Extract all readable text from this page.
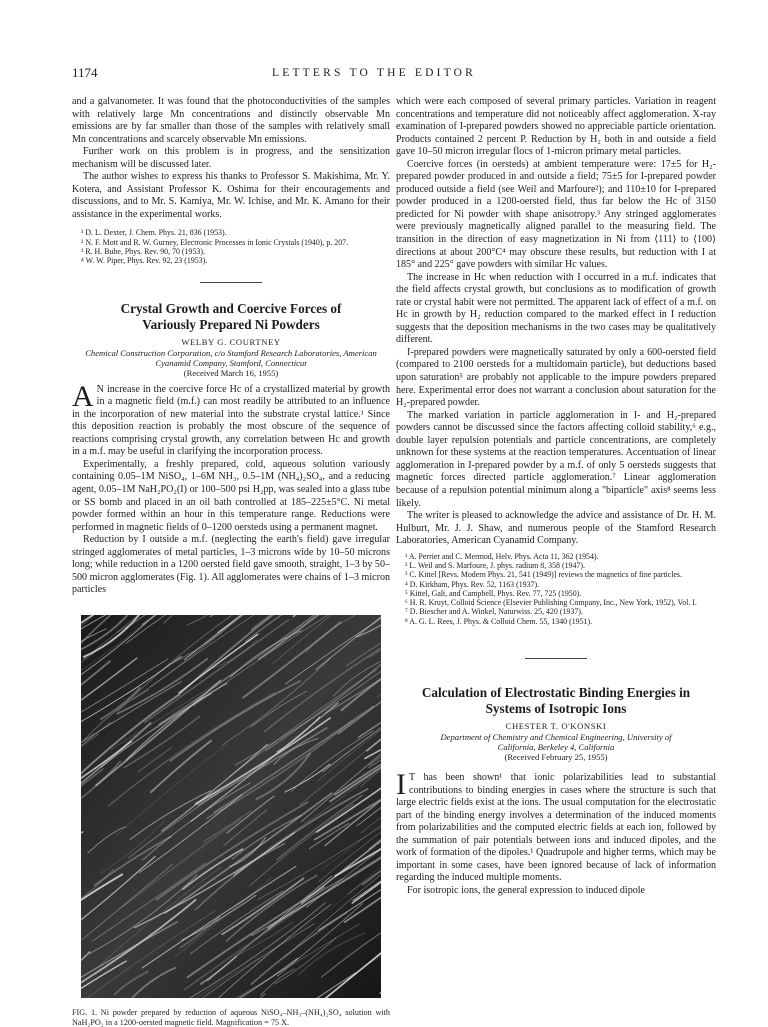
1174	LETTERS TO THE EDITOR

and a galvanometer. It was found that the photoconductivities of the samples with relatively large Mn concentrations and distinctly observable Mn emissions are by far smaller than those of the samples with relatively small Mn concentrations and scarcely observable Mn emissions.

Further work on this problem is in progress, and the sensitization mechanism will be discussed later.

The author wishes to express his thanks to Professor S. Makishima, Mr. Y. Kotera, and Assistant Professor K. Oshima for their encouragements and discussions, and to Mr. S. Kamiya, Mr. W. Ichise, and Mr. K. Amano for their assistance in the experimental works.

¹ D. L. Dexter, J. Chem. Phys. 21, 836 (1953).

² N. F. Mott and R. W. Gurney, Electronic Processes in Ionic Crystals (1940), p. 207.

³ R. H. Bube, Phys. Rev. 90, 70 (1953).

⁴ W. W. Piper, Phys. Rev. 92, 23 (1953).

Crystal Growth and Coercive Forces of Variously Prepared Ni Powders
WELBY G. COURTNEY
Chemical Construction Corporation, c/o Stamford Research Laboratories, American Cyanamid Company, Stamford, Connecticut
(Received March 16, 1955)

A N increase in the coercive force Hc of a crystallized material by growth in a magnetic field (m.f.) can most readily be attributed to an influence in the incorporation of new material into the substrate crystal lattice.¹ Since this deposition reaction is probably the most obscure of the sequence of reactions comprising crystal growth, any correlation between Hc and growth in a m.f. may be useful in clarifying the incorporation process.

Experimentally, a freshly prepared, cold, aqueous solution variously containing 0.05–1M NiSO₄, 1–6M NH₃, 0.5–1M (NH₄)₂SO₄, and a reducing agent, 0.05–1M NaH₂PO₂(I) or 100–500 psi H₂pp, was sealed into a glass tube or SS bomb and placed in an oil bath controlled at 185–225±5°C. Ni metal powder formed within an hour in this temperature range. Reductions were performed in magnetic fields of 0–1200 oersteds using a permanent magnet.

Reduction by I outside a m.f. (neglecting the earth's field) gave irregular stringed agglomerates of metal particles, 1–3 microns wide by 10–50 microns long; while reduction in a 1200 oersted field gave smooth, straight, 1–3 by 50–500 micron agglomerates (Fig. 1). All agglomerates were chains of 1–3 micron particles

FIG. 1. Ni powder prepared by reduction of aqueous NiSO₄–NH₃–(NH₄)₂SO₄ solution with NaH₂PO₂ in a 1200-oersted magnetic field. Magnification = 75 X.

which were each composed of several primary particles. Variation in reagent concentrations and temperature did not noticeably affect agglomeration. X-ray examination of I-prepared powders showed no appreciable particle orientation. Products contained 2 percent P. Reduction by H₂ both in and outside a field gave 10–50 micron irregular flocs of 1-micron primary metal particles.

Coercive forces (in oersteds) at ambient temperature were: 17±5 for H₂-prepared powder produced in and outside a field; 75±5 for I-prepared powder produced outside a field (see Weil and Marfoure²); and 110±10 for I-prepared powder produced in a 1200-oersted field, thus far below the Hc of 3150 predicted for Ni powder with shape anisotropy.³ Any stringed agglomerates were previously magnetically aligned parallel to the measuring field. The transition in the direction of easy magnetization in Ni from ⟨111⟩ to ⟨100⟩ directions at about 200°C⁴ may obscure these results, but reduction with I at 185° and 225° gave powders with similar Hc values.

The increase in Hc when reduction with I occurred in a m.f. indicates that the field affects crystal growth, but conclusions as to modification of growth rate or crystal habit were not permitted. The apparent lack of effect of a m.f. on Hc in growth by H₂ reduction compared to the marked effect in I reduction suggests that the deposition mechanisms in the two cases may be qualitatively different.

I-prepared powders were magnetically saturated by only a 600-oersted field (compared to 2100 oersteds for a multidomain particle), but deductions based upon saturation⁵ are probably not applicable to the impure powders prepared here. Experimental error does not warrant a conclusion about saturation for the H₂-prepared powder.

The marked variation in particle agglomeration in I- and H₂-prepared powders cannot be discussed since the factors affecting colloid stability,⁶ e.g., double layer repulsion potentials and particle concentrations, are completely unknown for these systems at the reaction temperatures. Accentuation of linear agglomeration in I-prepared powder by a m.f. of only 5 oersteds suggests that magnetic forces directed particle agglomeration.⁷ Linear agglomeration because of a repulsion potential minimum along a "biparticle" axis⁸ seems less likely.

The writer is pleased to acknowledge the advice and assistance of Dr. H. M. Hulburt, Mr. J. J. Shaw, and numerous people of the Stamford Research Laboratories, American Cyanamid Company.

¹ A. Perrier and C. Mermod, Helv. Phys. Acta 11, 362 (1954).

² L. Weil and S. Marfoure, J. phys. radium 8, 358 (1947).

³ C. Kittel [Revs. Modern Phys. 21, 541 (1949)] reviews the magnetics of fine particles.

⁴ D. Kirkham, Phys. Rev. 52, 1163 (1937).

⁵ Kittel, Galt, and Campbell, Phys. Rev. 77, 725 (1950).

⁶ H. R. Kruyt, Colloid Science (Elsevier Publishing Company, Inc., New York, 1952), Vol. I.

⁷ D. Biescher and A. Winkel, Naturwiss. 25, 420 (1937).

⁸ A. G. L. Rees, J. Phys. & Colloid Chem. 55, 1340 (1951).

Calculation of Electrostatic Binding Energies in Systems of Isotropic Ions
CHESTER T. O'KONSKI
Department of Chemistry and Chemical Engineering, University of California, Berkeley 4, California
(Received February 25, 1955)

I T has been shown¹ that ionic polarizabilities lead to substantial contributions to binding energies in cases where the structure is such that large electric fields exist at the ions. The usual computation for the electrostatic part of the binding energy involves a determination of the induced moments from polarizabilities and the computed electric fields at each ion, followed by the summation of pair potentials between ions and induced dipoles, and the work of formation of the dipoles.¹ Quadrupole and higher terms, which may be important in some cases, have been ignored because of lack of information regarding the induced multiple moments.

For isotropic ions, the general expression to induced dipole
